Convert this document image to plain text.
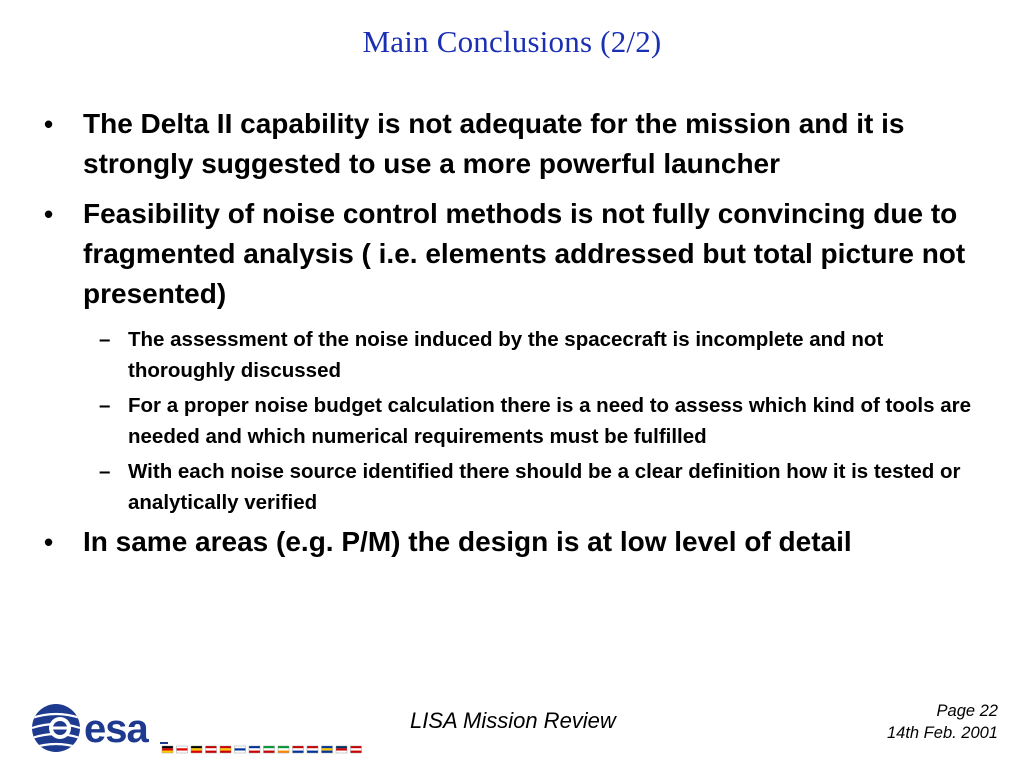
Main Conclusions (2/2)
• The Delta II capability is not adequate for the mission and it is strongly suggested to use a more powerful launcher
• Feasibility of noise control methods is not fully convincing due to fragmented analysis ( i.e. elements addressed but total picture not presented)
– The assessment of the noise induced by the spacecraft is incomplete and not thoroughly discussed
– For a proper noise budget calculation there is a need to assess which kind of tools are needed and which numerical requirements must be fulfilled
– With each noise source identified there should be a clear definition how it is tested or analytically verified
• In same areas (e.g. P/M) the design is at low level of detail
esa	LISA Mission Review	Page 22
14th Feb. 2001
